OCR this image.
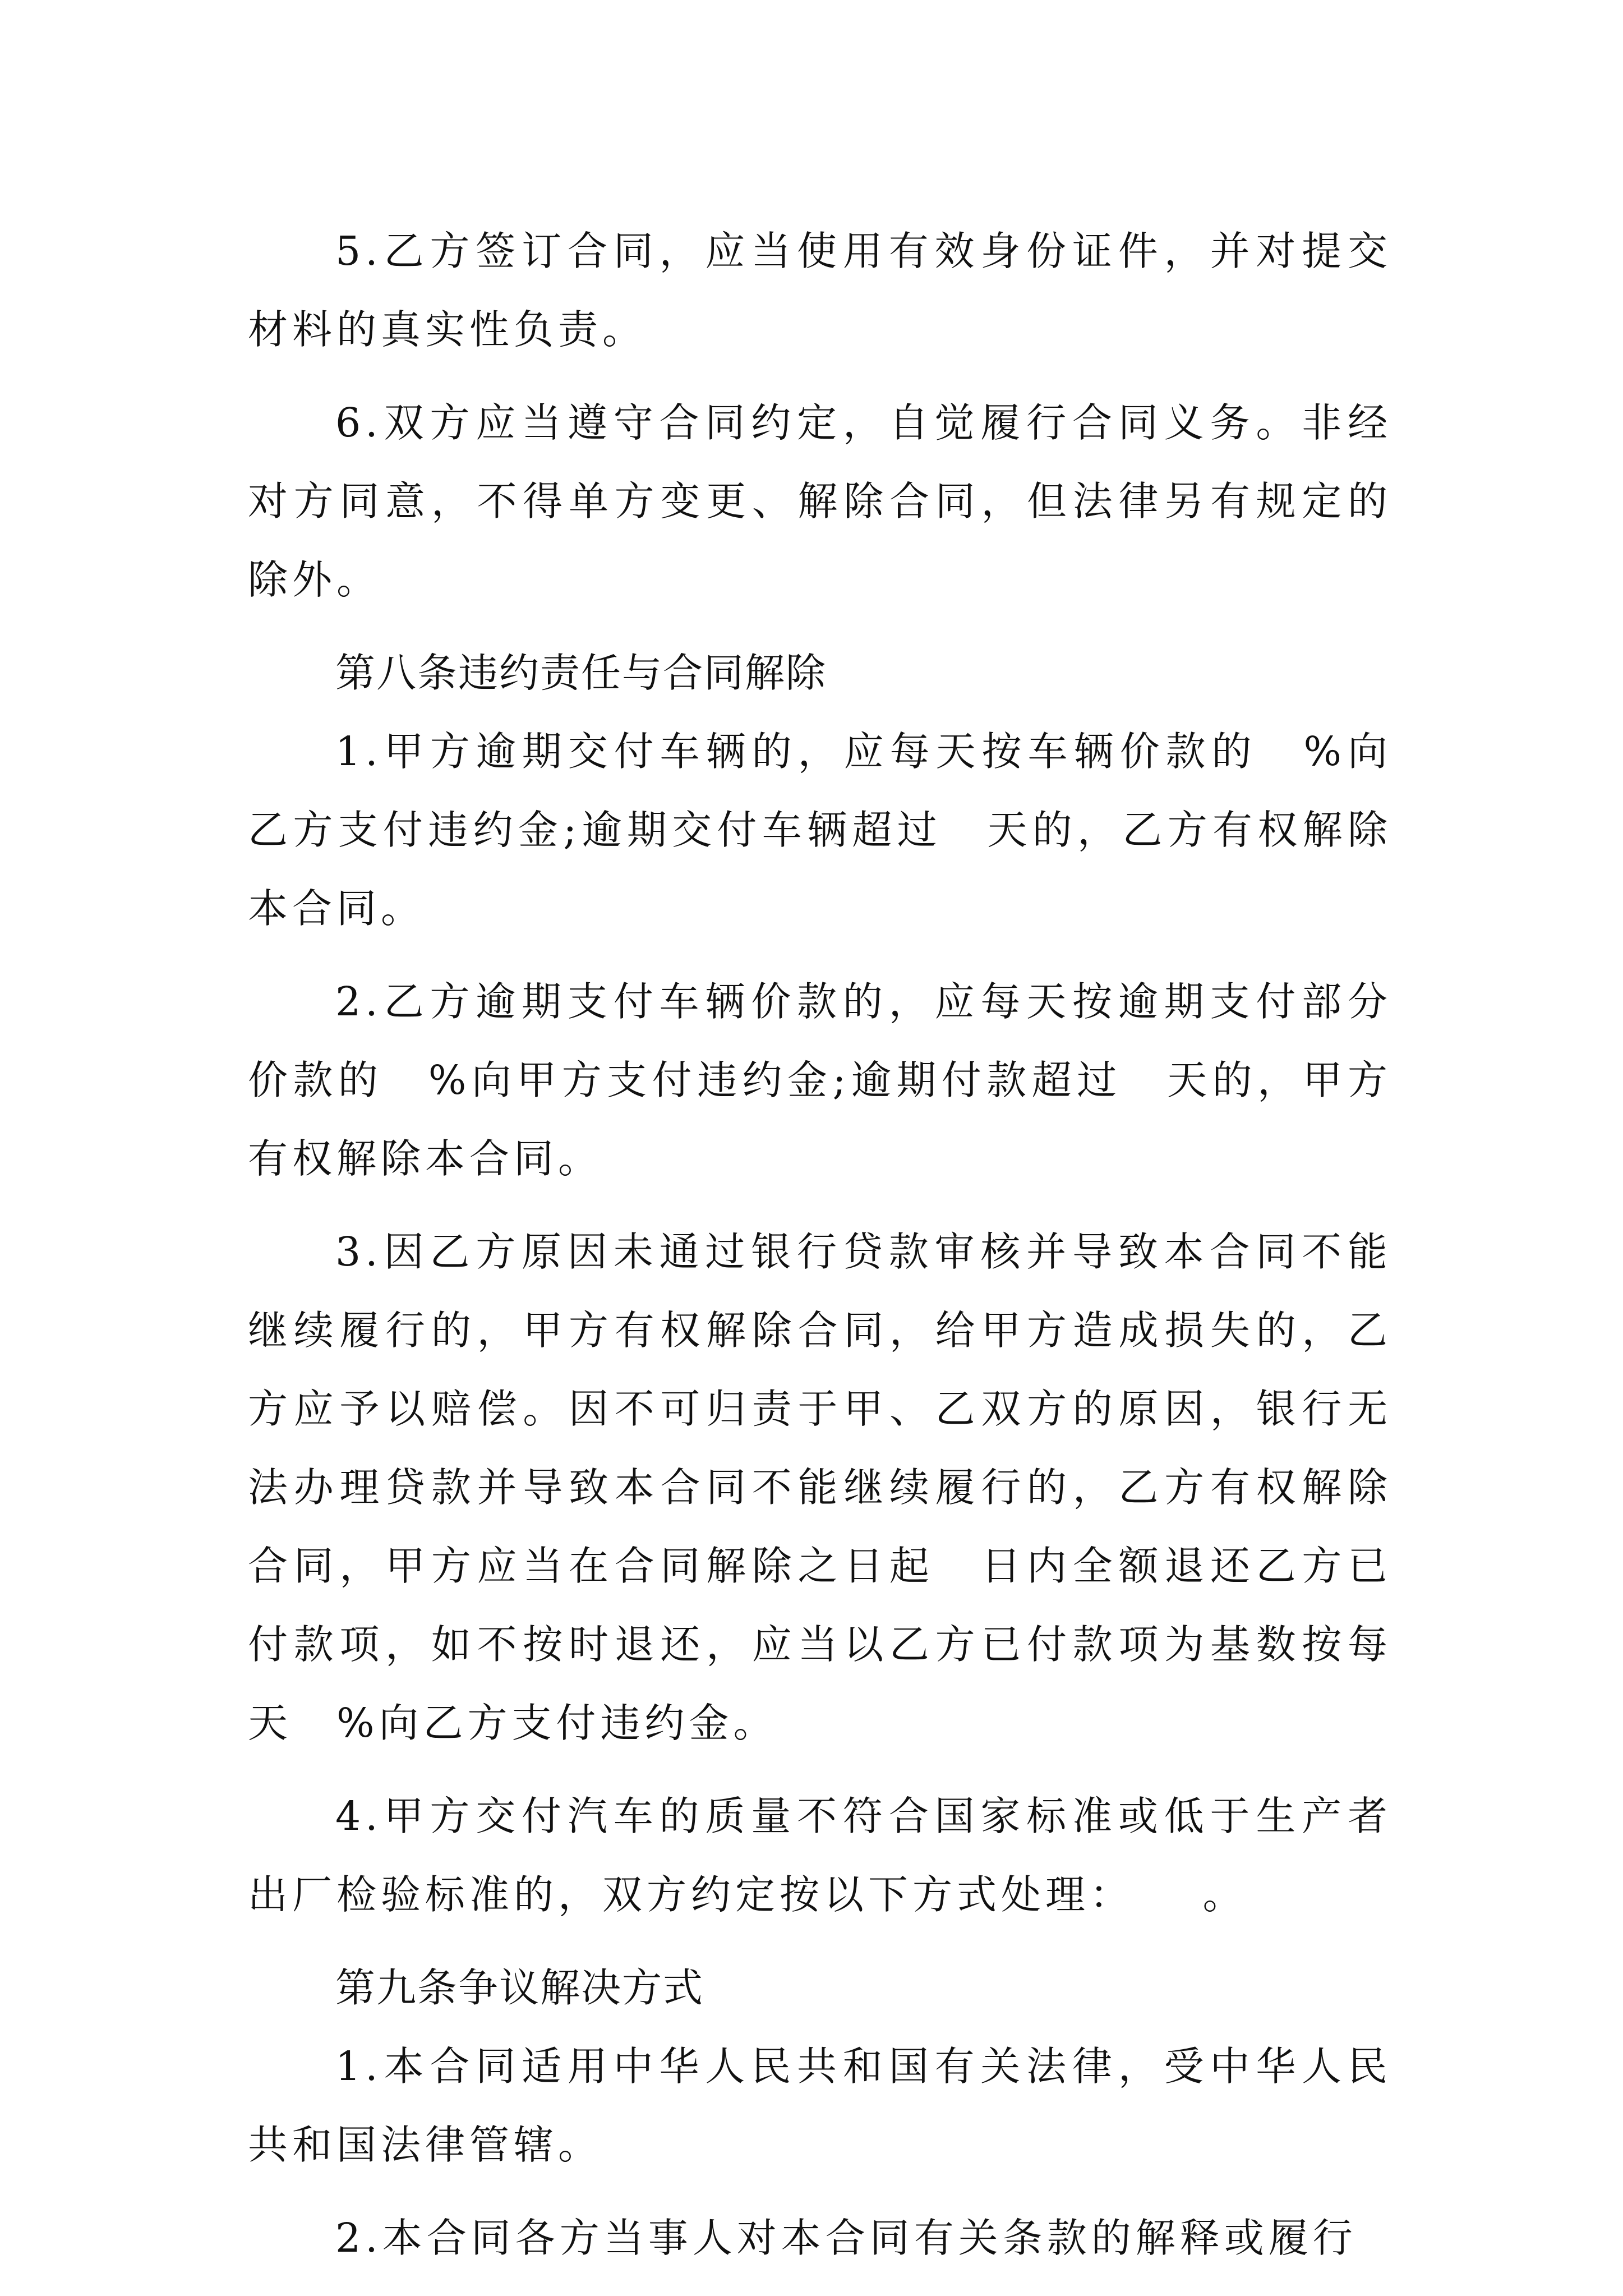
5.乙方签订合同，应当使用有效身份证件，并对提交材料的真实性负责。

6.双方应当遵守合同约定，自觉履行合同义务。非经对方同意，不得单方变更、解除合同，但法律另有规定的除外。

第八条违约责任与合同解除

1.甲方逾期交付车辆的，应每天按车辆价款的　%向乙方支付违约金;逾期交付车辆超过　天的，乙方有权解除本合同。

2.乙方逾期支付车辆价款的，应每天按逾期支付部分价款的　%向甲方支付违约金;逾期付款超过　天的，甲方有权解除本合同。

3.因乙方原因未通过银行贷款审核并导致本合同不能继续履行的，甲方有权解除合同，给甲方造成损失的，乙方应予以赔偿。因不可归责于甲、乙双方的原因，银行无法办理贷款并导致本合同不能继续履行的，乙方有权解除合同，甲方应当在合同解除之日起　日内全额退还乙方已付款项，如不按时退还，应当以乙方已付款项为基数按每天　%向乙方支付违约金。

4.甲方交付汽车的质量不符合国家标准或低于生产者出厂检验标准的，双方约定按以下方式处理：　　。

第九条争议解决方式

1.本合同适用中华人民共和国有关法律，受中华人民共和国法律管辖。

2.本合同各方当事人对本合同有关条款的解释或履行
